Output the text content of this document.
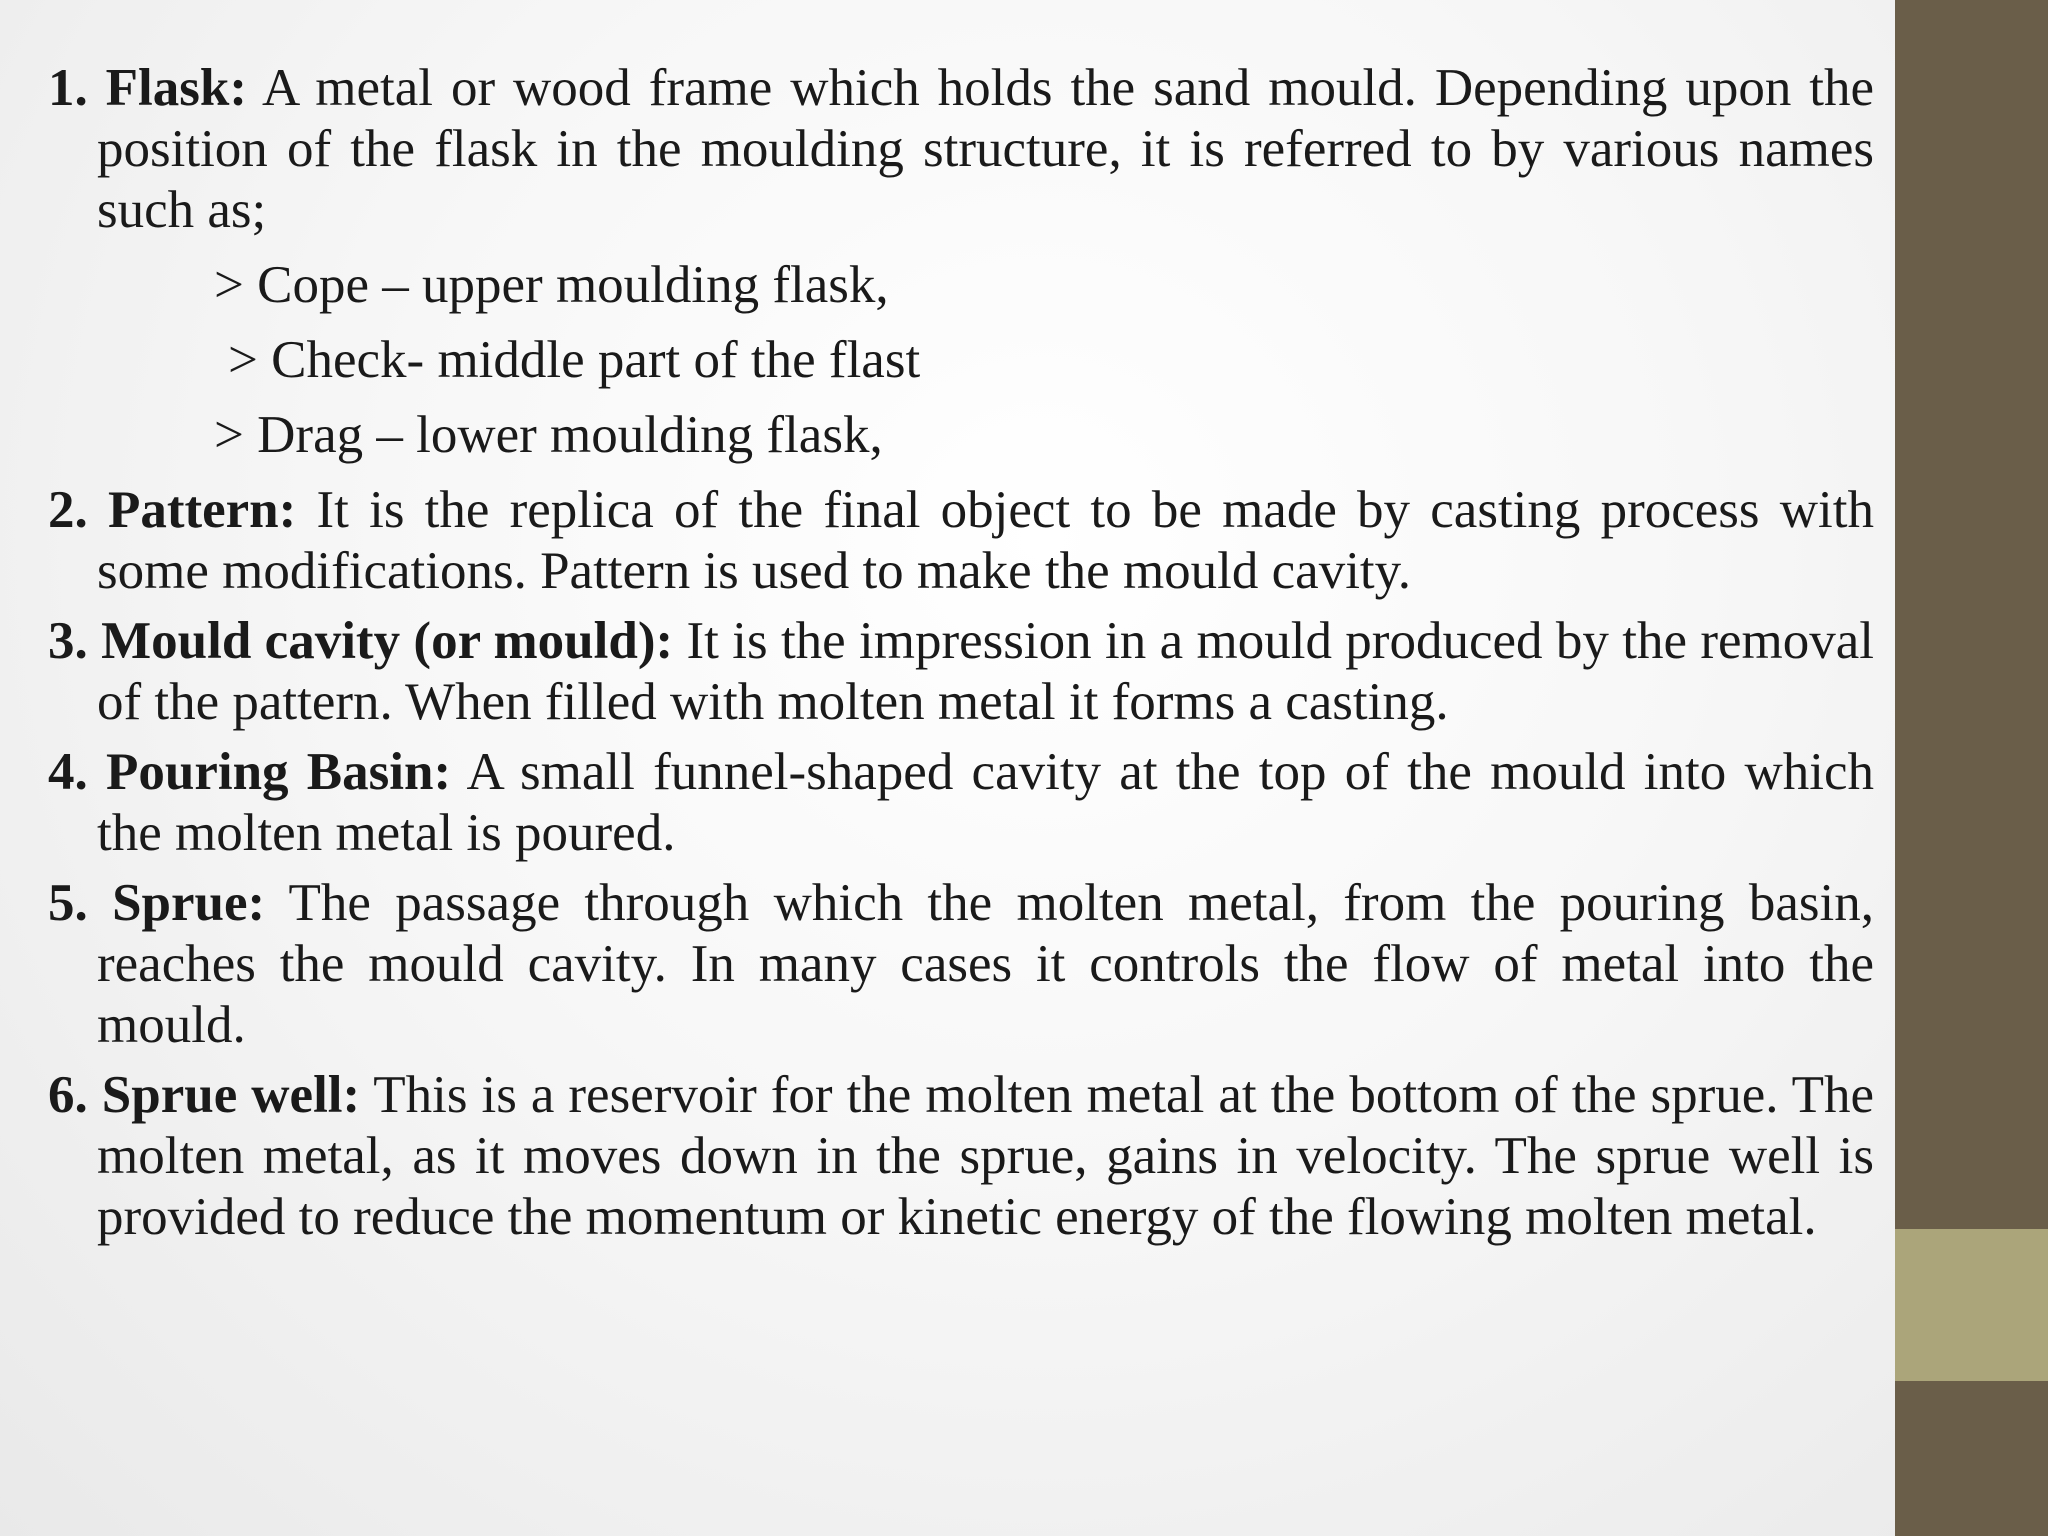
1. Flask: A metal or wood frame which holds the sand mould. Depending upon the position of the flask in the moulding structure, it is referred to by various names such as;
> Cope – upper moulding flask,
> Check- middle part of the flast
> Drag – lower moulding flask,
2. Pattern: It is the replica of the final object to be made by casting process with some modifications. Pattern is used to make the mould cavity.
3. Mould cavity (or mould): It is the impression in a mould produced by the removal of the pattern. When filled with molten metal it forms a casting.
4. Pouring Basin: A small funnel-shaped cavity at the top of the mould into which the molten metal is poured.
5. Sprue: The passage through which the molten metal, from the pouring basin, reaches the mould cavity. In many cases it controls the flow of metal into the mould.
6. Sprue well: This is a reservoir for the molten metal at the bottom of the sprue. The molten metal, as it moves down in the sprue, gains in velocity. The sprue well is provided to reduce the momentum or kinetic energy of the flowing molten metal.
